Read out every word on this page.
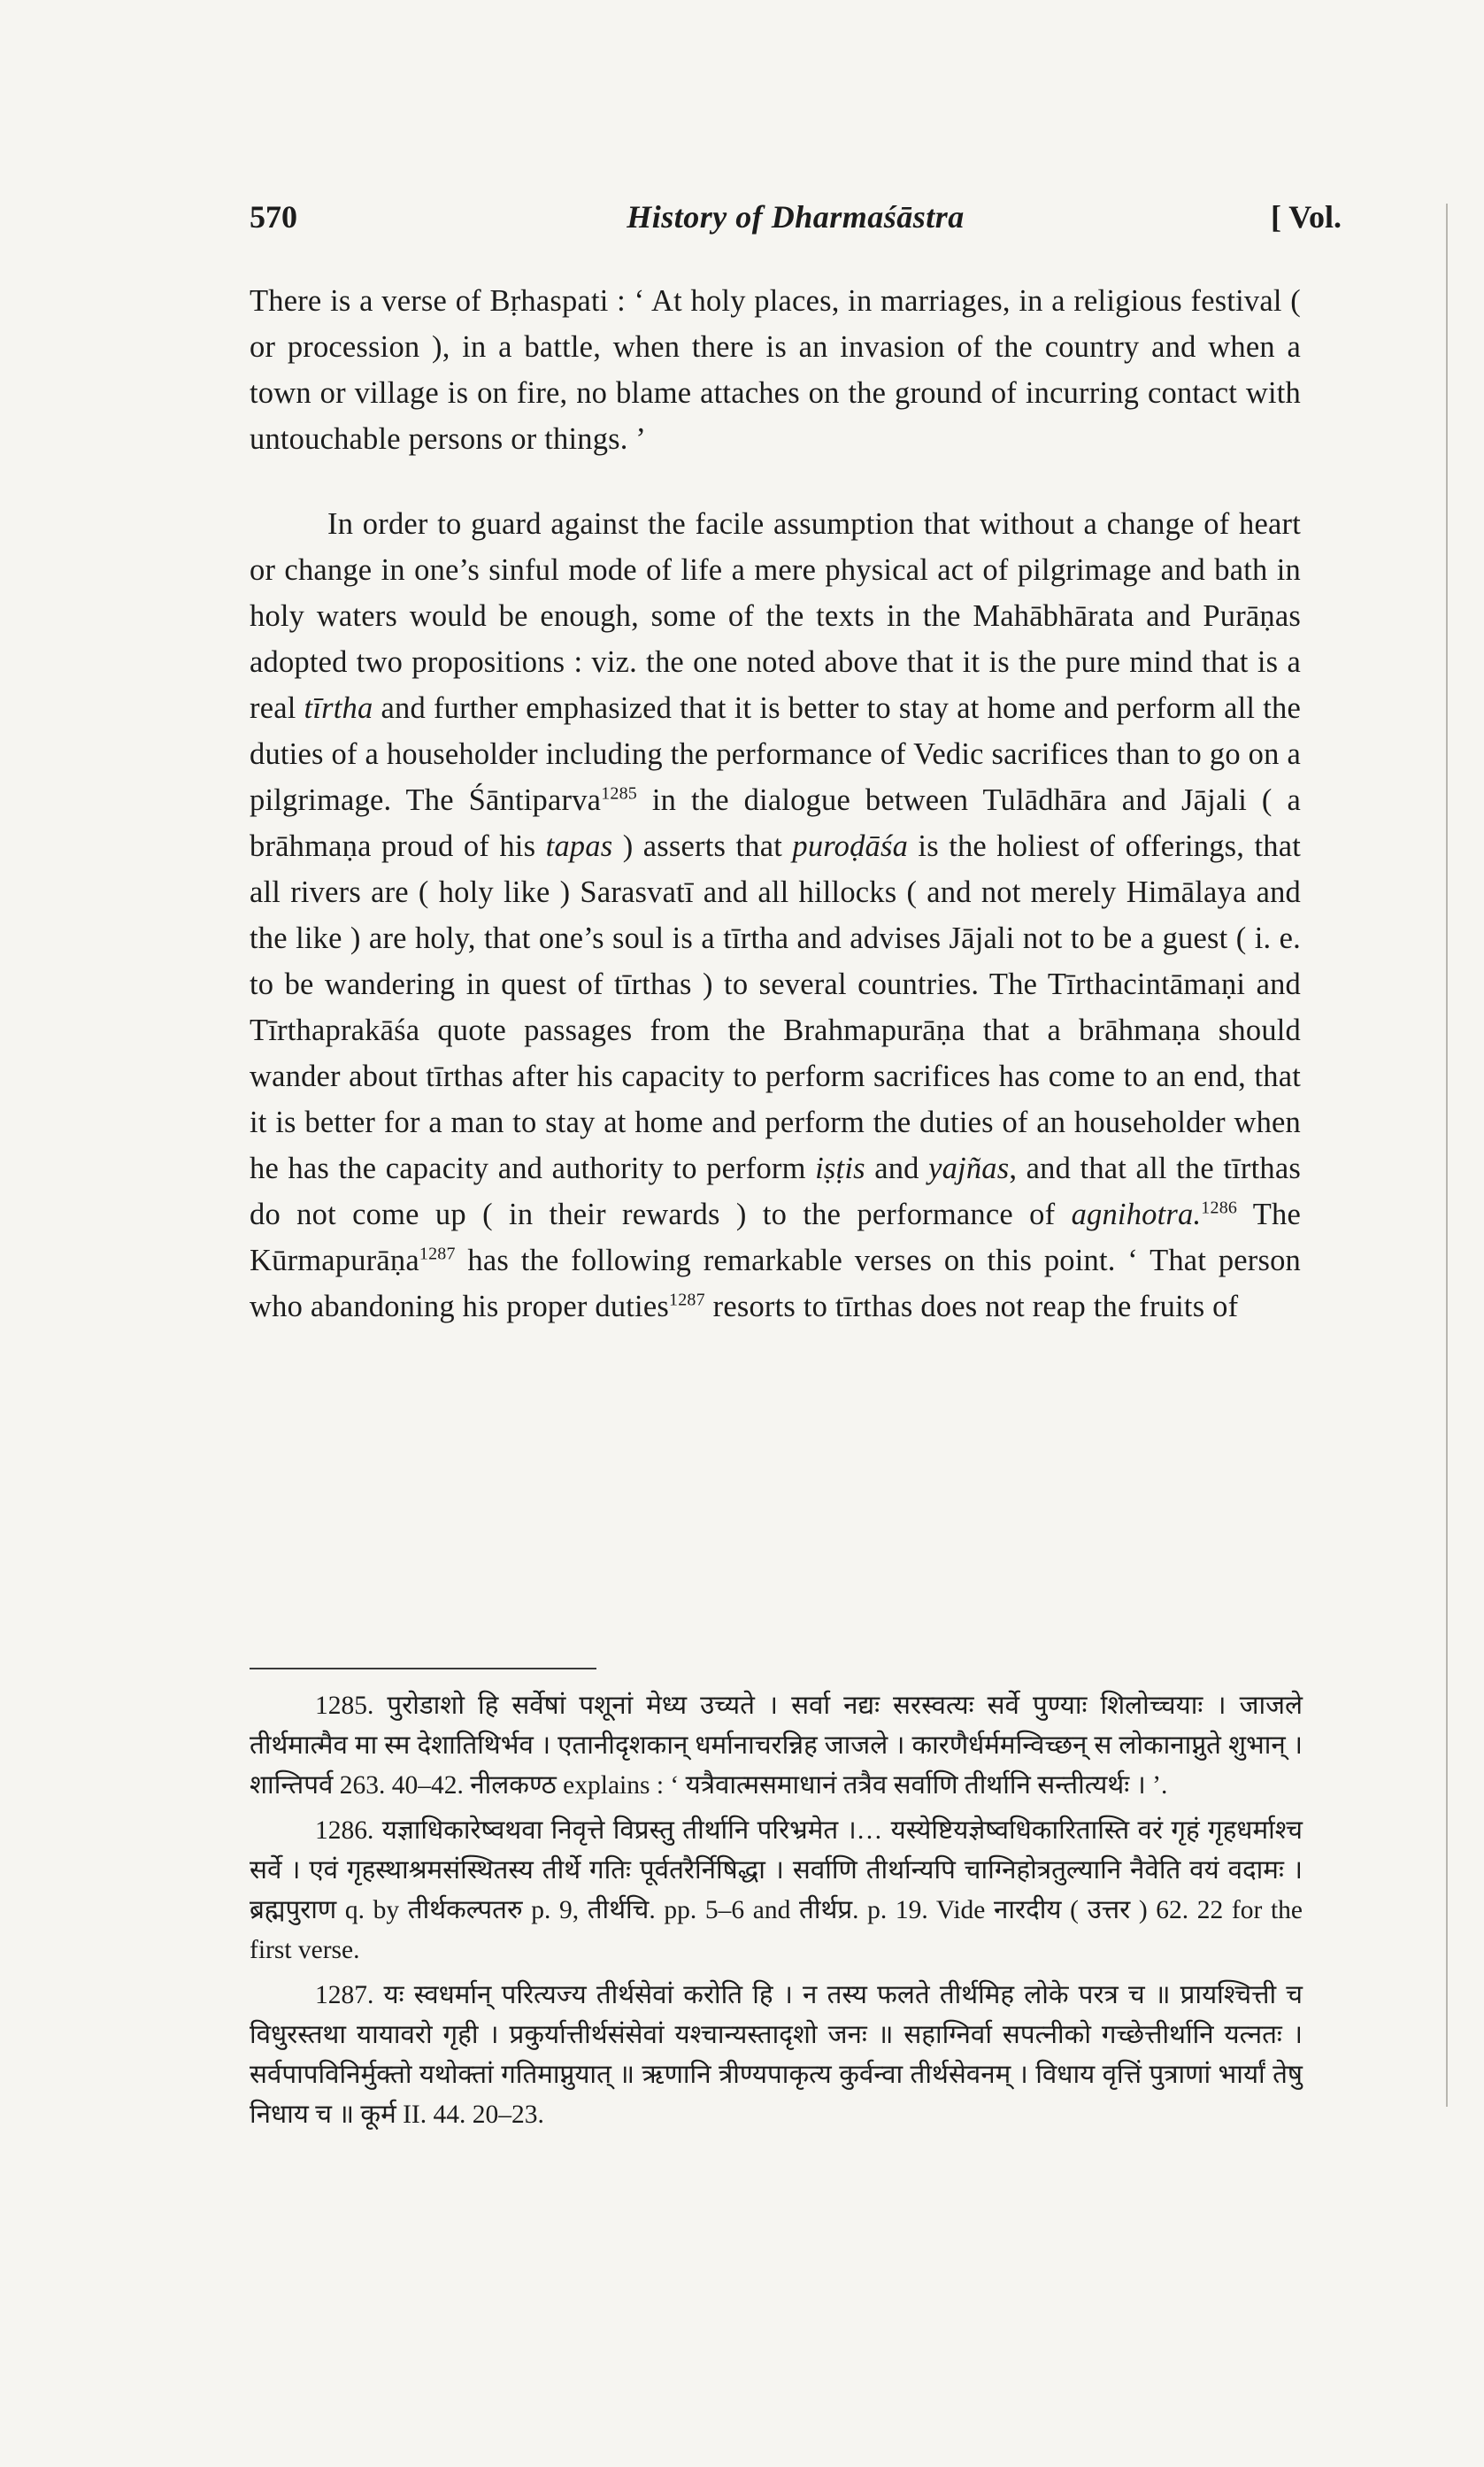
570	History of Dharmaśāstra	[ Vol.

There is a verse of Bṛhaspati : ‘ At holy places, in marriages, in a religious festival ( or procession ), in a battle, when there is an invasion of the country and when a town or village is on fire, no blame attaches on the ground of incurring contact with untouchable persons or things. ’

In order to guard against the facile assumption that without a change of heart or change in one’s sinful mode of life a mere physical act of pilgrimage and bath in holy waters would be enough, some of the texts in the Mahābhārata and Purāṇas adopted two propositions : viz. the one noted above that it is the pure mind that is a real tīrtha and further emphasized that it is better to stay at home and perform all the duties of a householder including the performance of Vedic sacrifices than to go on a pilgrimage. The Śāntiparva$^{1285}$ in the dialogue between Tulādhāra and Jājali ( a brāhmaṇa proud of his tapas ) asserts that puroḍāśa is the holiest of offerings, that all rivers are ( holy like ) Sarasvatī and all hillocks ( and not merely Himālaya and the like ) are holy, that one’s soul is a tīrtha and advises Jājali not to be a guest ( i. e. to be wandering in quest of tīrthas ) to several countries. The Tīrthacintāmaṇi and Tīrthaprakāśa quote passages from the Brahmapurāṇa that a brāhmaṇa should wander about tīrthas after his capacity to perform sacrifices has come to an end, that it is better for a man to stay at home and perform the duties of an householder when he has the capacity and authority to perform iṣṭis and yajñas, and that all the tīrthas do not come up ( in their rewards ) to the performance of agnihotra.$^{1286}$ The Kūrmapurāṇa$^{1287}$ has the following remarkable verses on this point. ‘ That person who abandoning his proper duties$^{1287}$ resorts to tīrthas does not reap the fruits of

1285. पुरोडाशो हि सर्वेषां पशूनां मेध्य उच्यते । सर्वा नद्यः सरस्वत्यः सर्वे पुण्याः शिलोच्चयाः । जाजले तीर्थमात्मैव मा स्म देशातिथिर्भव । एतानीदृशकान् धर्मानाचरन्निह जाजले । कारणैर्धर्ममन्विच्छन् स लोकानाप्नुते शुभान् । शान्तिपर्व 263. 40–42. नीलकण्ठ explains : ‘ यत्रैवात्मसमाधानं तत्रैव सर्वाणि तीर्थानि सन्तीत्यर्थः । ’.

1286. यज्ञाधिकारेष्वथवा निवृत्ते विप्रस्तु तीर्थानि परिभ्रमेत ।… यस्येष्टियज्ञेष्वधिकारितास्ति वरं गृहं गृहधर्माश्च सर्वे । एवं गृहस्थाश्रमसंस्थितस्य तीर्थे गतिः पूर्वतरैर्निषिद्धा । सर्वाणि तीर्थान्यपि चाग्निहोत्रतुल्यानि नैवेति वयं वदामः । ब्रह्मपुराण q. by तीर्थकल्पतरु p. 9, तीर्थचि. pp. 5–6 and तीर्थप्र. p. 19. Vide नारदीय ( उत्तर ) 62. 22 for the first verse.

1287. यः स्वधर्मान् परित्यज्य तीर्थसेवां करोति हि । न तस्य फलते तीर्थमिह लोके परत्र च ॥ प्रायश्चित्ती च विधुरस्तथा यायावरो गृही । प्रकुर्यात्तीर्थसंसेवां यश्चान्यस्तादृशो जनः ॥ सहाग्निर्वा सपत्नीको गच्छेत्तीर्थानि यत्नतः । सर्वपापविनिर्मुक्तो यथोक्तां गतिमाप्नुयात् ॥ ऋणानि त्रीण्यपाकृत्य कुर्वन्वा तीर्थसेवनम् । विधाय वृत्तिं पुत्राणां भार्यां तेषु निधाय च ॥ कूर्म II. 44. 20–23.
